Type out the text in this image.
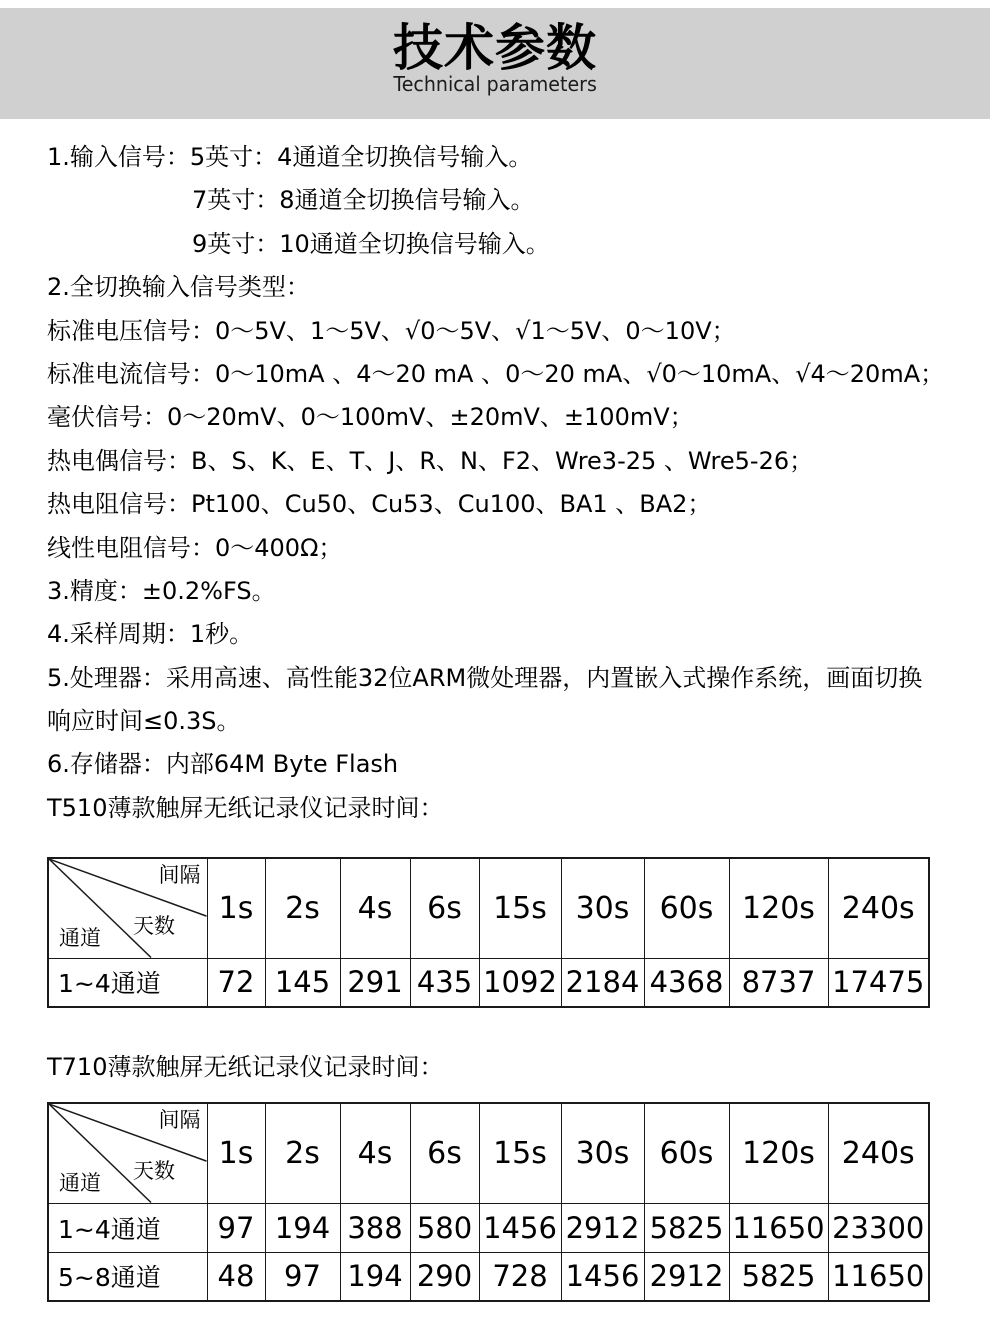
技术参数
Technical parameters
1.输入信号：5英寸：4通道全切换信号输入。
7英寸：8通道全切换信号输入。
9英寸：10通道全切换信号输入。
2.全切换输入信号类型：
标准电压信号：0～5V、1～5V、√0～5V、√1～5V、0～10V；
标准电流信号：0～10mA 、4～20 mA 、0～20 mA、√0～10mA、√4～20mA；
毫伏信号：0～20mV、0～100mV、±20mV、±100mV；
热电偶信号：B、S、K、E、T、J、R、N、F2、Wre3-25 、Wre5-26；
热电阻信号：Pt100、Cu50、Cu53、Cu100、BA1 、BA2；
线性电阻信号：0～400Ω；
3.精度：±0.2%FS。
4.采样周期：1秒。
5.处理器：采用高速、高性能32位ARM微处理器，内置嵌入式操作系统，画面切换
响应时间≤0.3S。
6.存储器：内部64M Byte Flash
T510薄款触屏无纸记录仪记录时间：
间隔
天数
通道	1s	2s	4s	6s	15s	30s	60s	120s	240s
1~4通道	72	145	291	435	1092	2184	4368	8737	17475
T710薄款触屏无纸记录仪记录时间：
间隔
天数
通道	1s	2s	4s	6s	15s	30s	60s	120s	240s
1~4通道	97	194	388	580	1456	2912	5825	11650	23300
5~8通道	48	97	194	290	728	1456	2912	5825	11650
